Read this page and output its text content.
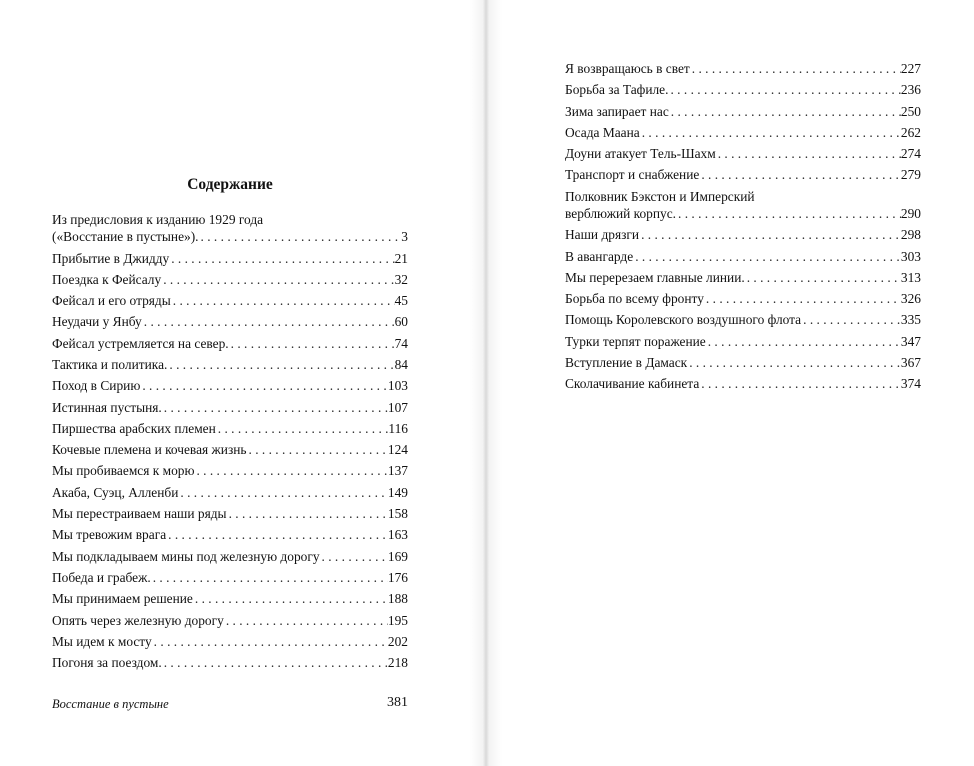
Содержание
Из предисловия к изданию 1929 года
(«Восстание в пустыне»). . . .	3
Прибытие в Джидду . . .	21
Поездка к Фейсалу . . .	32
Фейсал и его отряды . . .	45
Неудачи у Янбу . . .	60
Фейсал устремляется на север. . . .	74
Тактика и политика. . . .	84
Поход в Сирию . . .	103
Истинная пустыня. . . .	107
Пиршества арабских племен . . .	116
Кочевые племена и кочевая жизнь . . .	124
Мы пробиваемся к морю . . .	137
Акаба, Суэц, Алленби . . .	149
Мы перестраиваем наши ряды . . .	158
Мы тревожим врага . . .	163
Мы подкладываем мины под железную дорогу . . .	169
Победа и грабеж. . . .	176
Мы принимаем решение . . .	188
Опять через железную дорогу . . .	195
Мы идем к мосту . . .	202
Погоня за поездом. . . .	218
Я возвращаюсь в свет . . .	227
Борьба за Тафиле. . . .	236
Зима запирает нас . . .	250
Осада Маана . . .	262
Доуни атакует Тель-Шахм . . .	274
Транспорт и снабжение . . .	279
Полковник Бэкстон и Имперский
верблюжий корпус. . . .	290
Наши дрязги . . .	298
В авангарде . . .	303
Мы перерезаем главные линии. . . .	313
Борьба по всему фронту . . .	326
Помощь Королевского воздушного флота . . .	335
Турки терпят поражение . . .	347
Вступление в Дамаск . . .	367
Сколачивание кабинета . . .	374
Восстание в пустыне	381
